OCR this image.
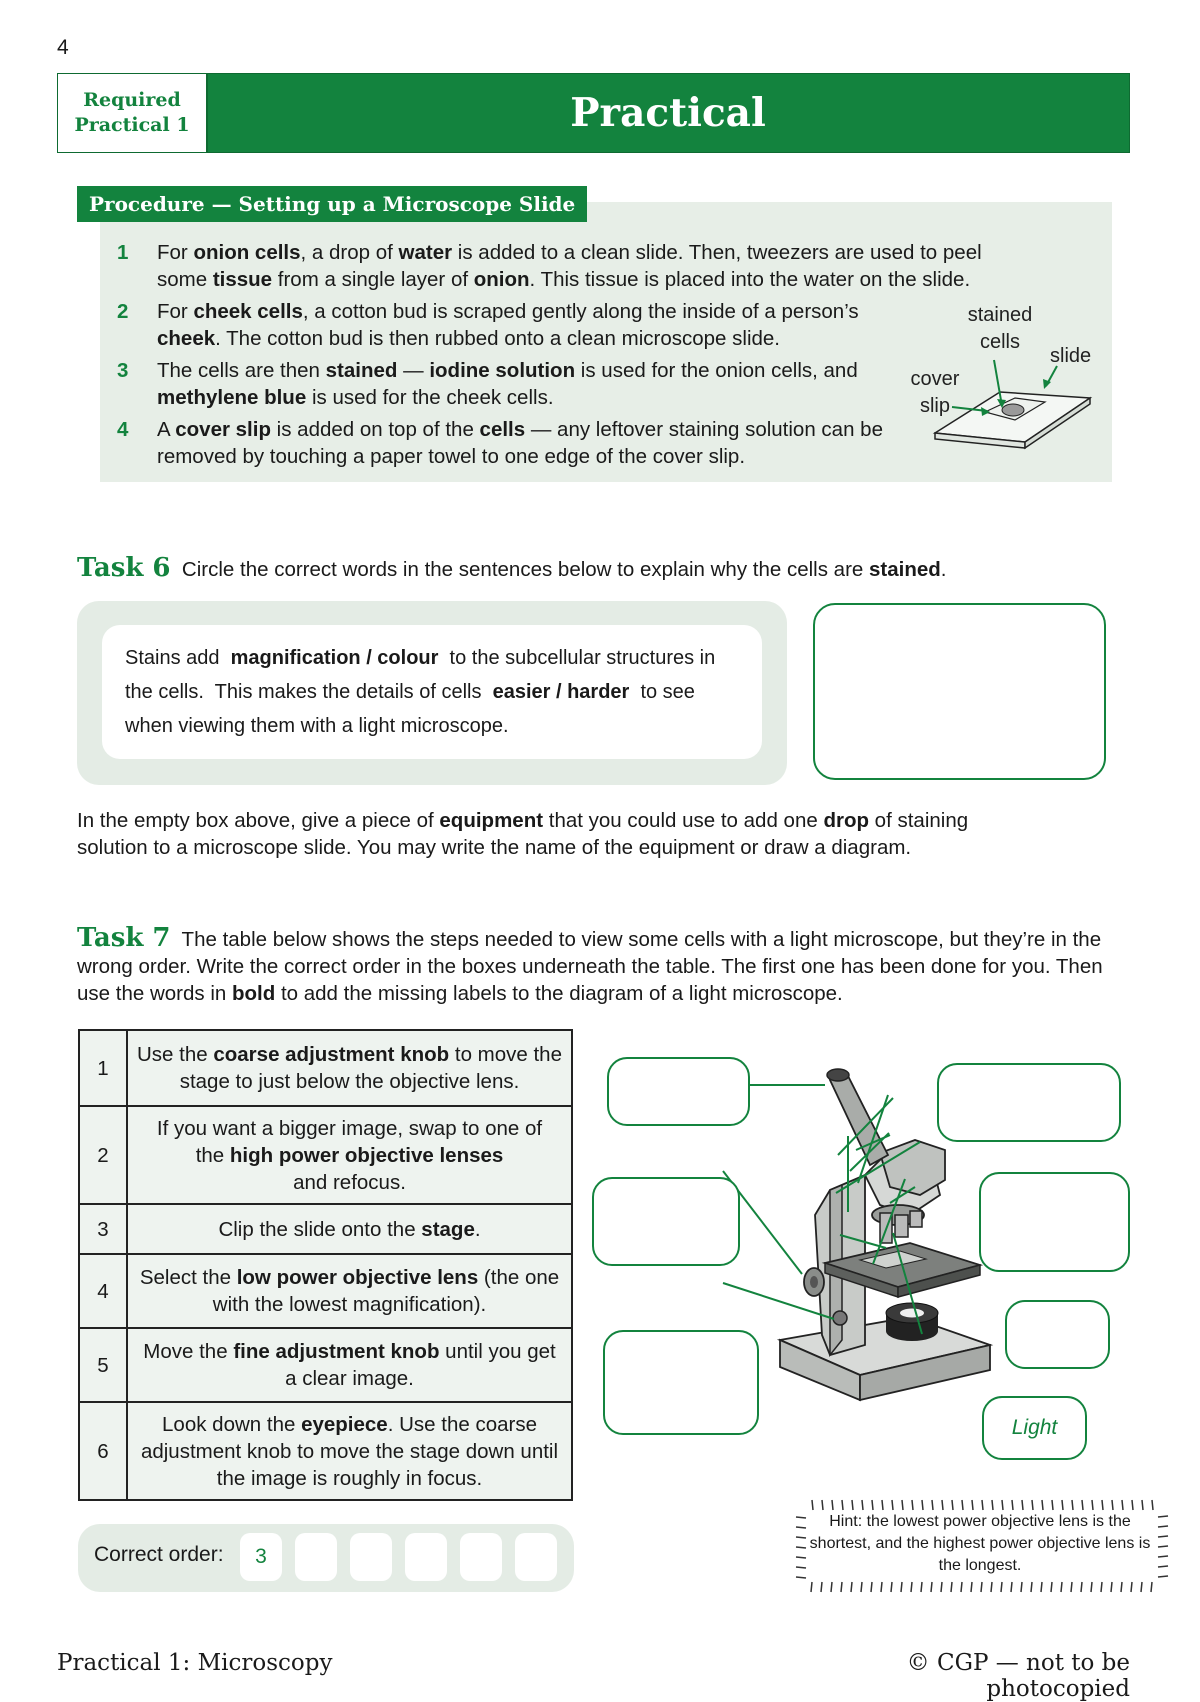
4
Required
Practical 1	Practical
Procedure — Setting up a Microscope Slide
1	For onion cells, a drop of water is added to a clean slide. Then, tweezers are used to peel some tissue from a single layer of onion. This tissue is placed into the water on the slide.
2	For cheek cells, a cotton bud is scraped gently along the inside of a person’s cheek. The cotton bud is then rubbed onto a clean microscope slide.
3	The cells are then stained — iodine solution is used for the onion cells, and methylene blue is used for the cheek cells.
4	A cover slip is added on top of the cells — any leftover staining solution can be removed by touching a paper towel to one edge of the cover slip.
stained
cells
slide
cover
slip
Task 6 Circle the correct words in the sentences below to explain why the cells are stained.
Stains add  magnification / colour  to the subcellular structures in the cells.  This makes the details of cells  easier / harder  to see when viewing them with a light microscope.
In the empty box above, give a piece of equipment that you could use to add one drop of staining solution to a microscope slide. You may write the name of the equipment or draw a diagram.
Task 7 The table below shows the steps needed to view some cells with a light microscope, but they’re in the wrong order. Write the correct order in the boxes underneath the table. The first one has been done for you. Then use the words in bold to add the missing labels to the diagram of a light microscope.
1	Use the coarse adjustment knob to move the stage to just below the objective lens.
2	If you want a bigger image, swap to one of
the high power objective lenses
and refocus.
3	Clip the slide onto the stage.
4	Select the low power objective lens (the one with the lowest magnification).
5	Move the fine adjustment knob until you get a clear image.
6	Look down the eyepiece. Use the coarse adjustment knob to move the stage down until the image is roughly in focus.
Correct order:	3
Light
Hint: the lowest power objective lens is the shortest, and the highest power objective lens is the longest.
Practical 1: Microscopy	© CGP — not to be photocopied
